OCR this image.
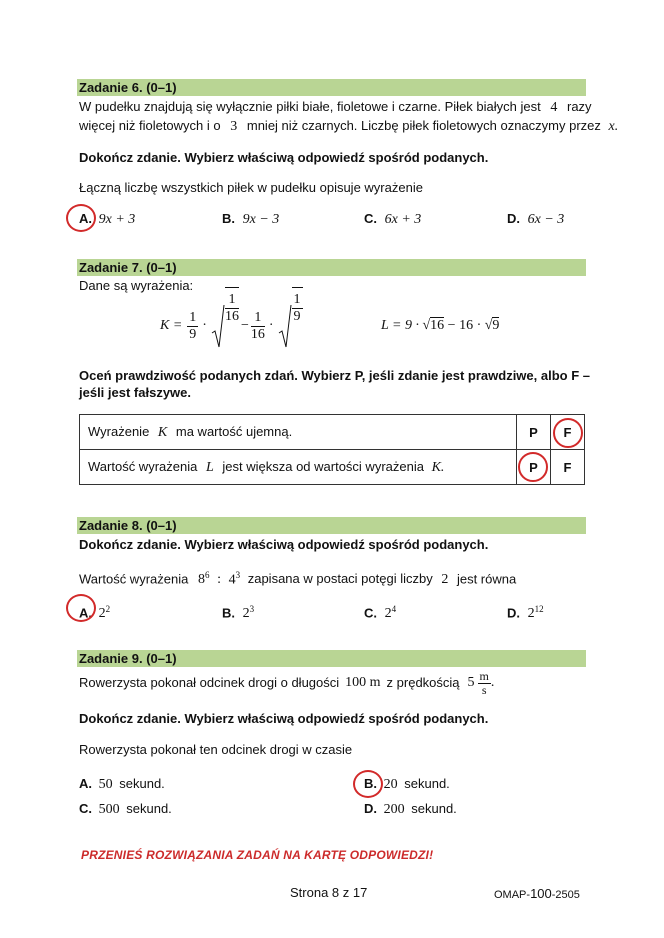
Zadanie 6. (0–1)
W pudełku znajdują się wyłącznie piłki białe, fioletowe i czarne. Piłek białych jest 4 razy
więcej niż fioletowych i o 3 mniej niż czarnych. Liczbę piłek fioletowych oznaczymy przez x.
Dokończ zdanie. Wybierz właściwą odpowiedź spośród podanych.
Łączną liczbę wszystkich piłek w pudełku opisuje wyrażenie
A. 9x + 3	B. 9x − 3	C. 6x + 3	D. 6x − 3
Zadanie 7. (0–1)
Dane są wyrażenia:
$K = \frac{1}{9}$ ·
$\frac{1}{16}$
− $\frac{1}{16}$ ·
$\frac{1}{9}$
L = 9 · √16 − 16 · √9
Oceń prawdziwość podanych zdań. Wybierz P, jeśli zdanie jest prawdziwe, albo F –
jeśli jest fałszywe.
Wyrażenie K ma wartość ujemną.	P	F
Wartość wyrażenia L jest większa od wartości wyrażenia K.	P	F
Zadanie 8. (0–1)
Dokończ zdanie. Wybierz właściwą odpowiedź spośród podanych.
Wartość wyrażenia $8^6$ : $4^3$ zapisana w postaci potęgi liczby 2 jest równa
A. $2^2$	B. $2^3$	C. $2^4$	D. $2^{12}$
Zadanie 9. (0–1)
Rowerzysta pokonał odcinek drogi o długości 100 m z prędkością $5 \frac{m}{s}$ .
Dokończ zdanie. Wybierz właściwą odpowiedź spośród podanych.
Rowerzysta pokonał ten odcinek drogi w czasie
A. 50 sekund.	B. 20 sekund.
C. 500 sekund.	D. 200 sekund.
PRZENIEŚ ROZWIĄZANIA ZADAŃ NA KARTĘ ODPOWIEDZI!
Strona 8 z 17	OMAP-100-2505
